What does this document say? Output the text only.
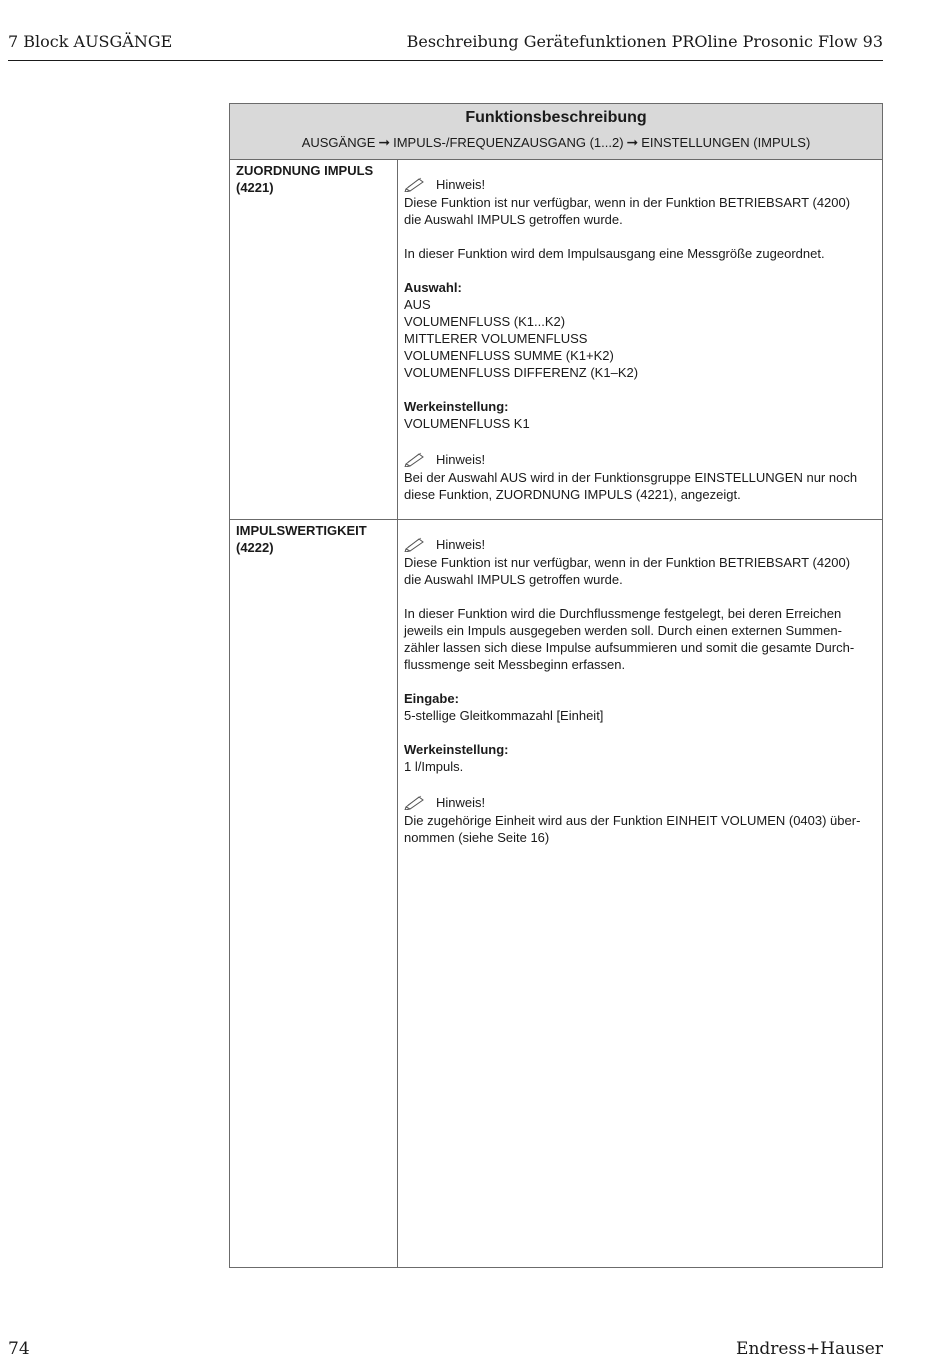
7 Block AUSGÄNGE	Beschreibung Gerätefunktionen PROline Prosonic Flow 93
Funktionsbeschreibung
AUSGÄNGE ➞ IMPULS-/FREQUENZAUSGANG (1...2) ➞ EINSTELLUNGEN (IMPULS)
ZUORDNUNG IMPULS
(4221)	Hinweis!
Diese Funktion ist nur verfügbar, wenn in der Funktion BETRIEBSART (4200)
die Auswahl IMPULS getroffen wurde.
In dieser Funktion wird dem Impulsausgang eine Messgröße zugeordnet.
Auswahl:
AUS
VOLUMENFLUSS (K1...K2)
MITTLERER VOLUMENFLUSS
VOLUMENFLUSS SUMME (K1+K2)
VOLUMENFLUSS DIFFERENZ (K1–K2)
Werkeinstellung:
VOLUMENFLUSS K1
Hinweis!
Bei der Auswahl AUS wird in der Funktionsgruppe EINSTELLUNGEN nur noch
diese Funktion, ZUORDNUNG IMPULS (4221), angezeigt.
IMPULSWERTIGKEIT
(4222)	Hinweis!
Diese Funktion ist nur verfügbar, wenn in der Funktion BETRIEBSART (4200)
die Auswahl IMPULS getroffen wurde.
In dieser Funktion wird die Durchflussmenge festgelegt, bei deren Erreichen
jeweils ein Impuls ausgegeben werden soll. Durch einen externen Summen-
zähler lassen sich diese Impulse aufsummieren und somit die gesamte Durch-
flussmenge seit Messbeginn erfassen.
Eingabe:
5-stellige Gleitkommazahl [Einheit]
Werkeinstellung:
1 l/Impuls.
Hinweis!
Die zugehörige Einheit wird aus der Funktion EINHEIT VOLUMEN (0403) über-
nommen (siehe Seite 16)
74	Endress+Hauser
